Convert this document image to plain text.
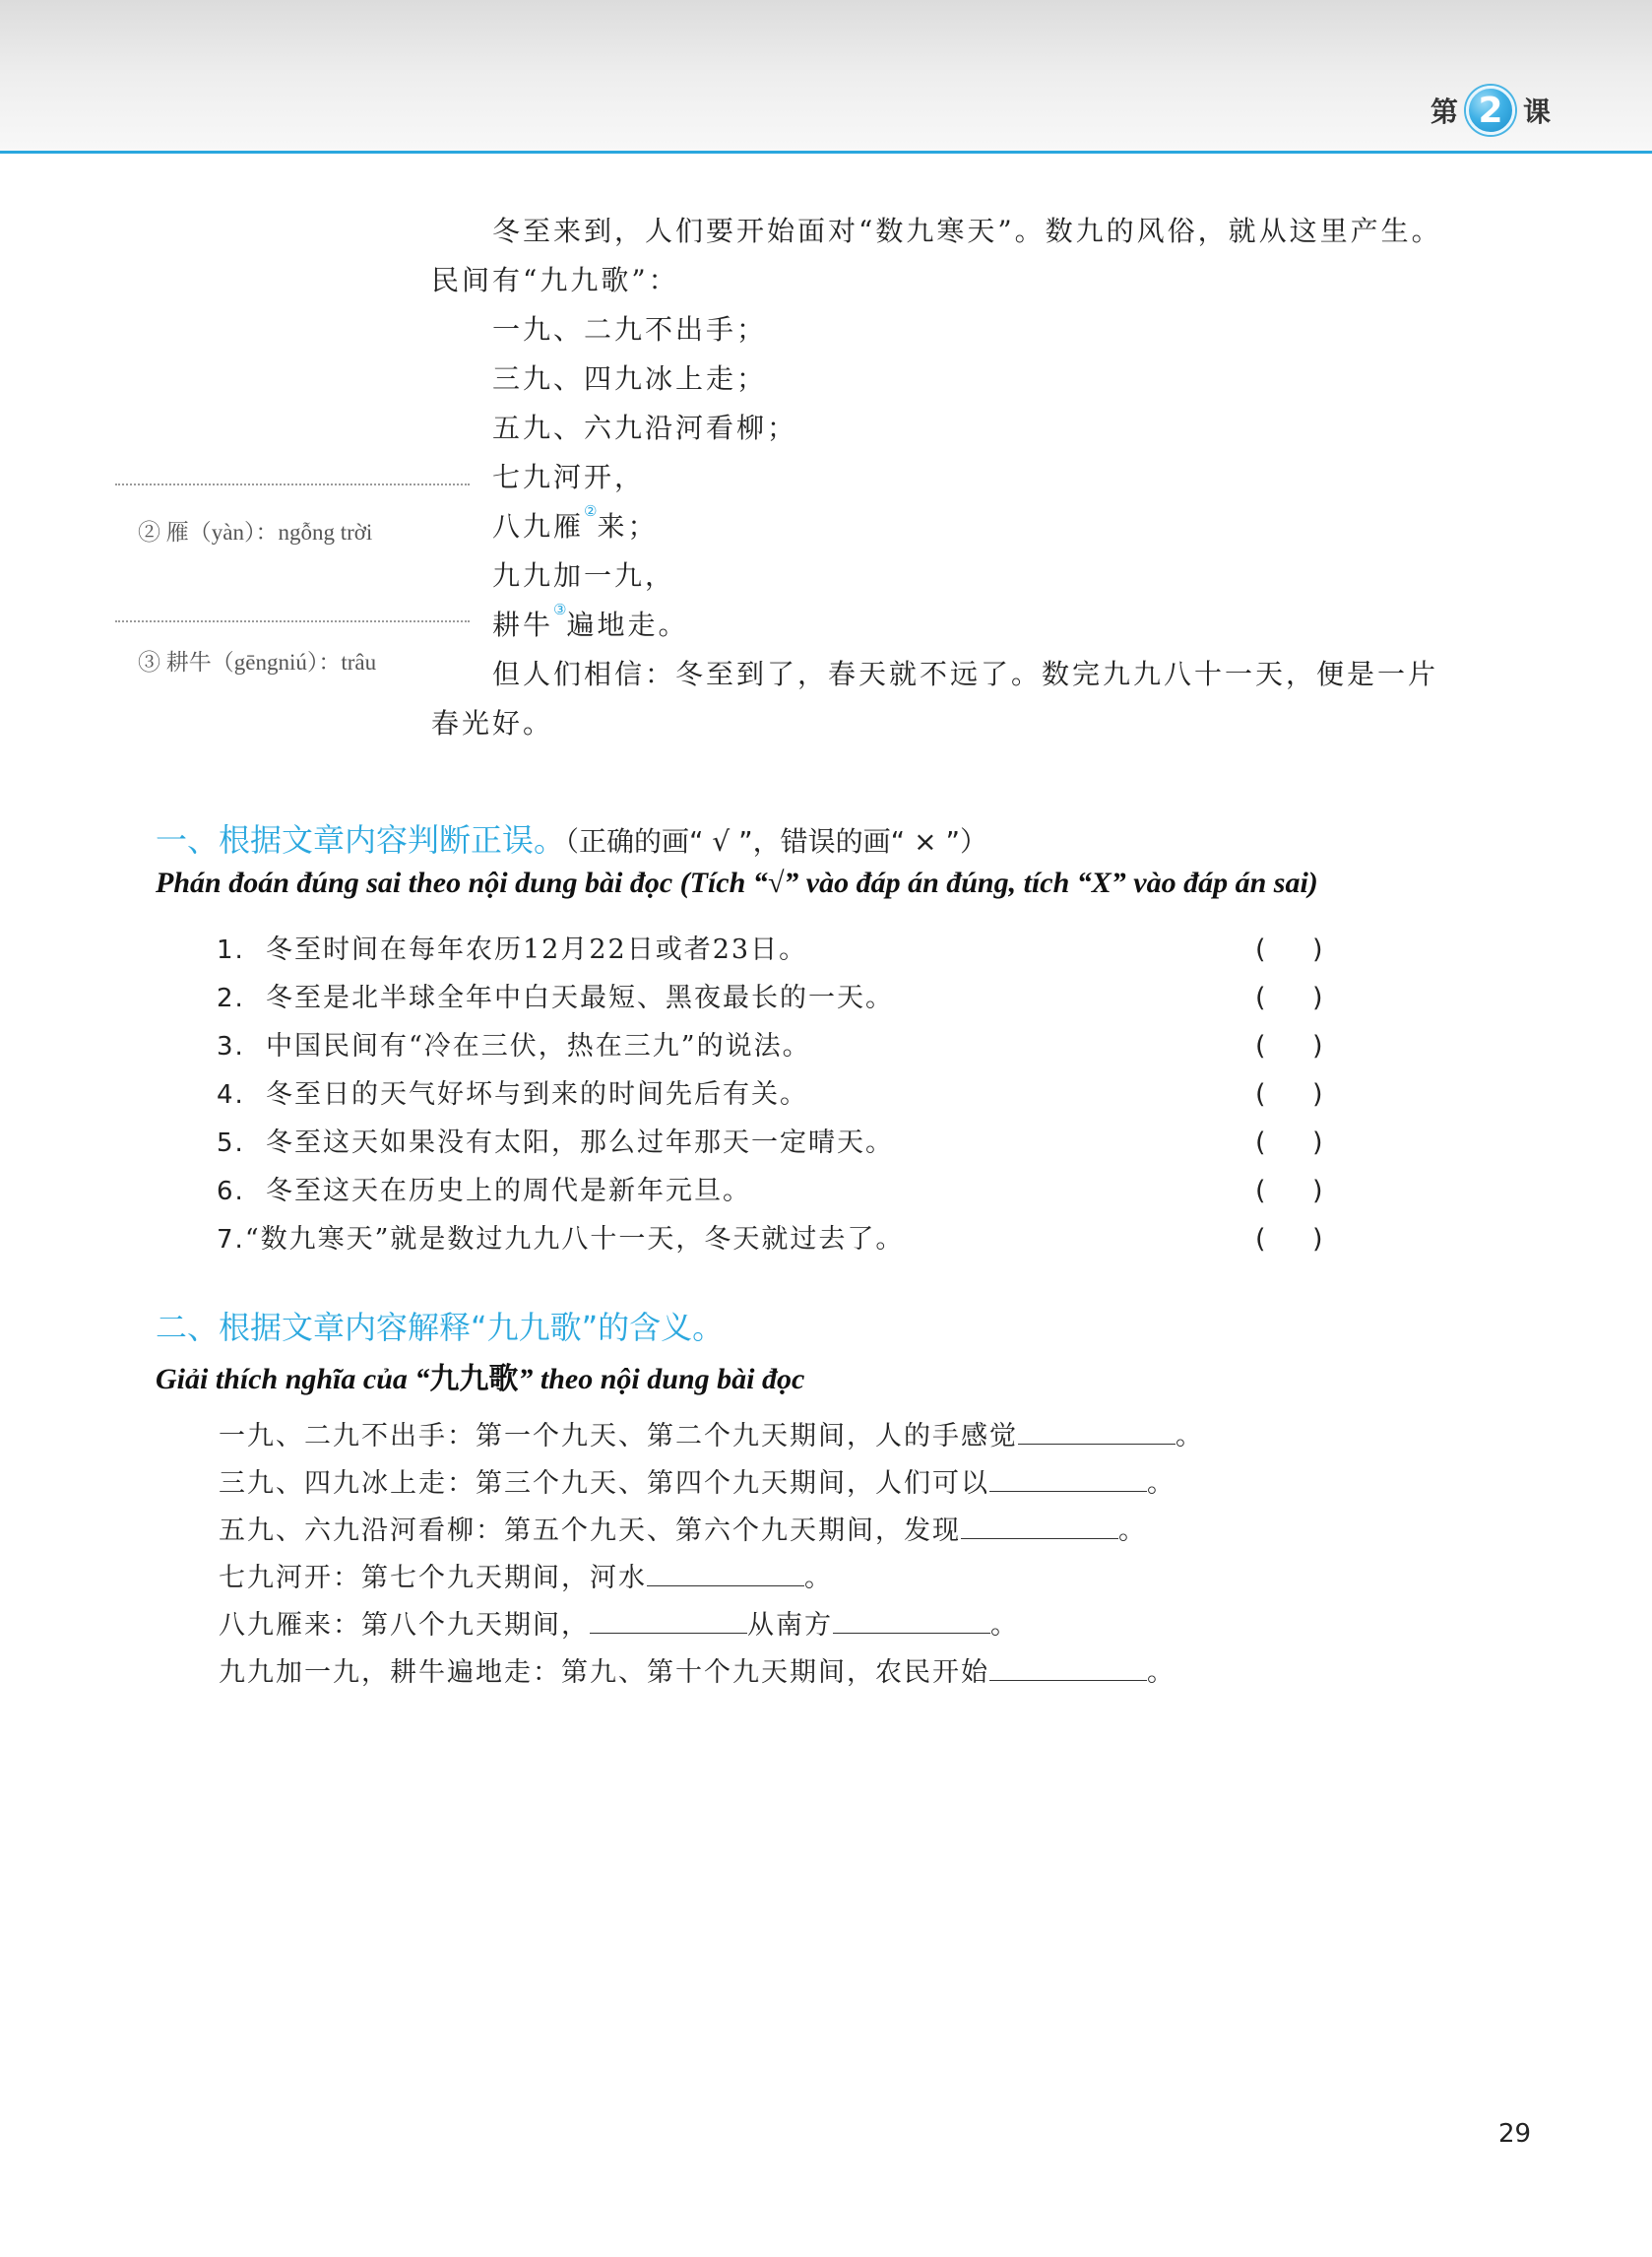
第 2 课
冬至来到，人们要开始面对“数九寒天”。数九的风俗，就从这里产生。
民间有“九九歌”：
一九、二九不出手；
三九、四九冰上走；
五九、六九沿河看柳；
七九河开，
八九雁②来；
九九加一九，
耕牛③遍地走。
但人们相信：冬至到了，春天就不远了。数完九九八十一天，便是一片
春光好。
② 雁（yàn）：ngỗng trời
③ 耕牛（gēngniú）：trâu
一、根据文章内容判断正误。（正确的画“ √ ”，错误的画“ × ”）
Phán đoán đúng sai theo nội dung bài đọc (Tích “√” vào đáp án đúng, tích “X” vào đáp án sai)
1. 冬至时间在每年农历12月22日或者23日。	( )
2. 冬至是北半球全年中白天最短、黑夜最长的一天。	( )
3. 中国民间有“冷在三伏，热在三九”的说法。	( )
4. 冬至日的天气好坏与到来的时间先后有关。	( )
5. 冬至这天如果没有太阳，那么过年那天一定晴天。	( )
6. 冬至这天在历史上的周代是新年元旦。	( )
7.“数九寒天”就是数过九九八十一天，冬天就过去了。	( )
二、根据文章内容解释“九九歌”的含义。
Giải thích nghĩa của “九九歌” theo nội dung bài đọc
一九、二九不出手：第一个九天、第二个九天期间，人的手感觉	。
三九、四九冰上走：第三个九天、第四个九天期间，人们可以	。
五九、六九沿河看柳：第五个九天、第六个九天期间，发现	。
七九河开：第七个九天期间，河水	。
八九雁来：第八个九天期间，	从南方	。
九九加一九，耕牛遍地走：第九、第十个九天期间，农民开始	。
29
